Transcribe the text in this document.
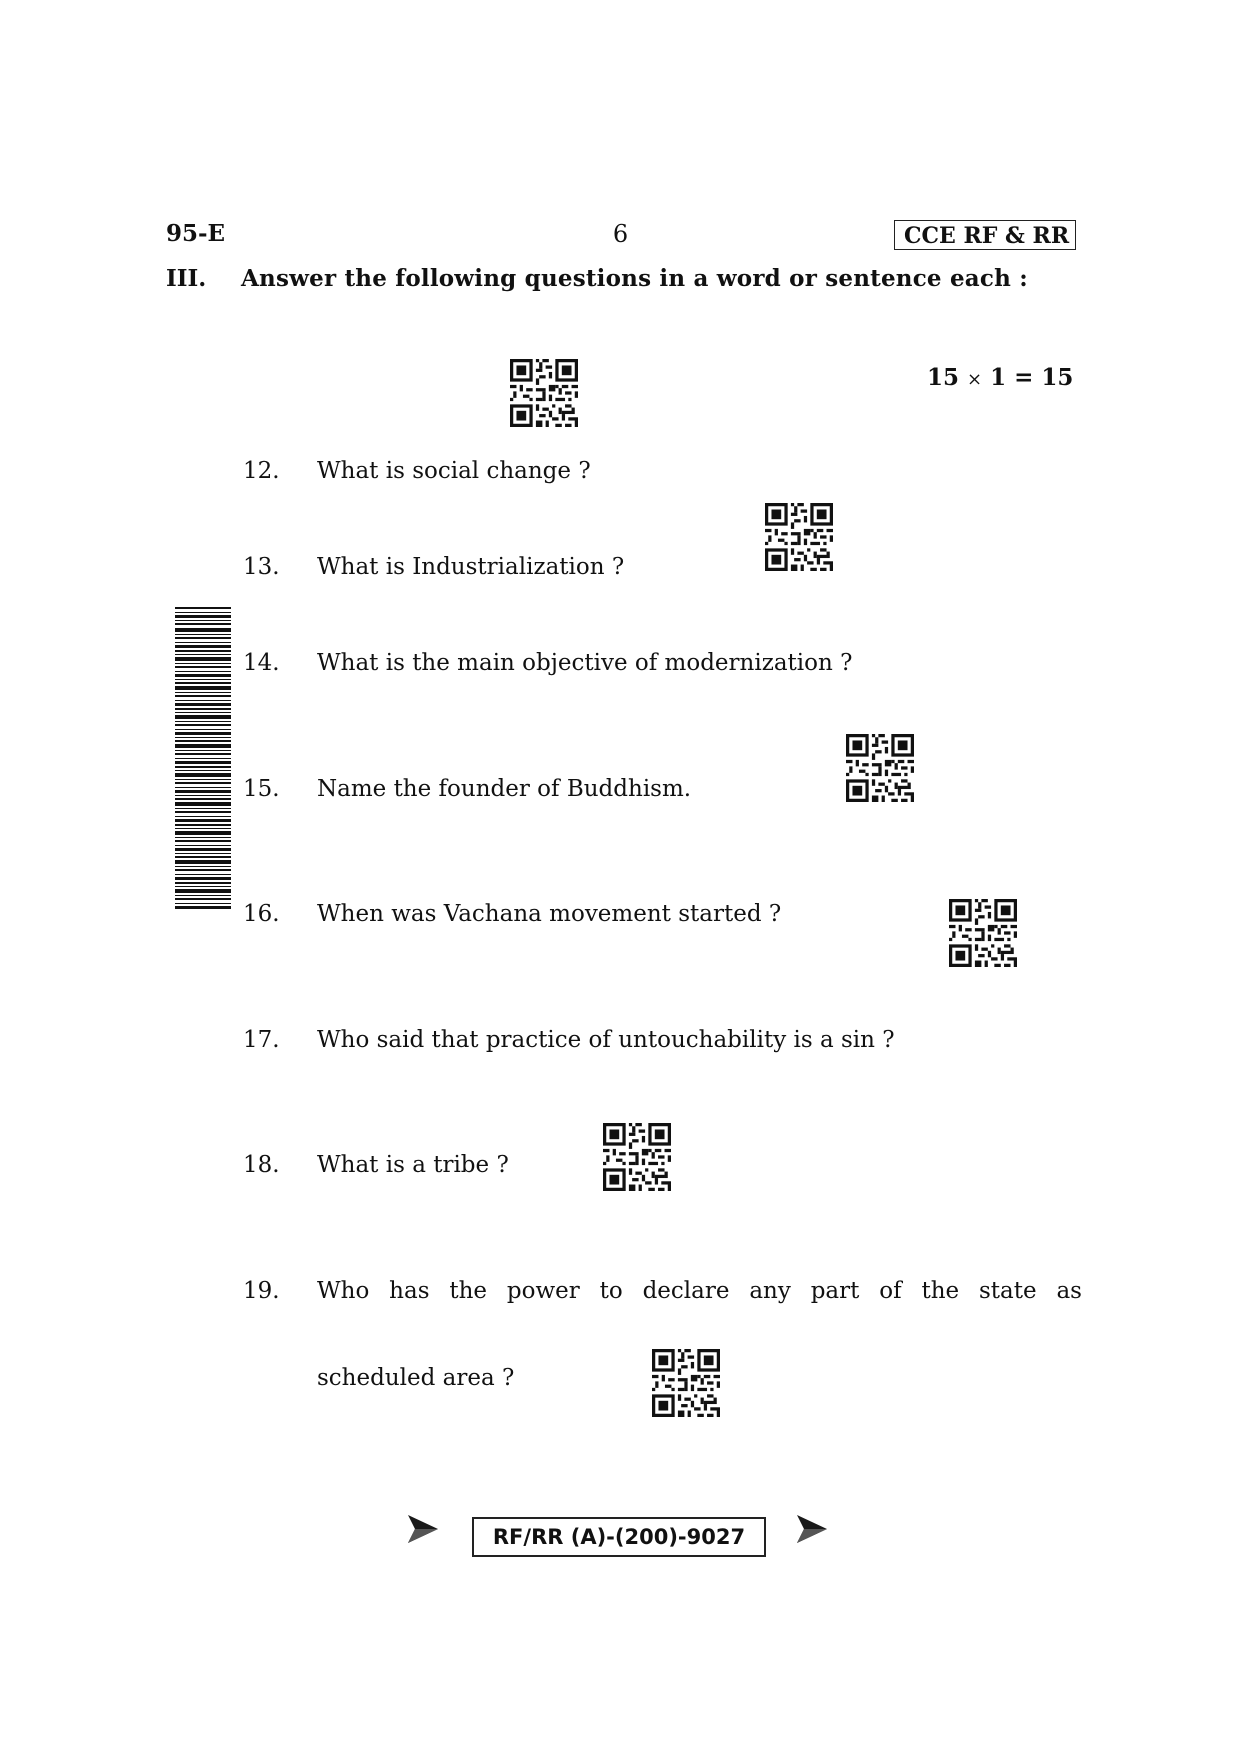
95-E	6	CCE RF & RR
III. Answer the following questions in a word or sentence each :
15 × 1 = 15
12. What is social change ?
13. What is Industrialization ?
14. What is the main objective of modernization ?
15. Name the founder of Buddhism.
16. When was Vachana movement started ?
17. Who said that practice of untouchability is a sin ?
18. What is a tribe ?
19. Who has the power to declare any part of the state as
scheduled area ?
RF/RR (A)-(200)-9027
